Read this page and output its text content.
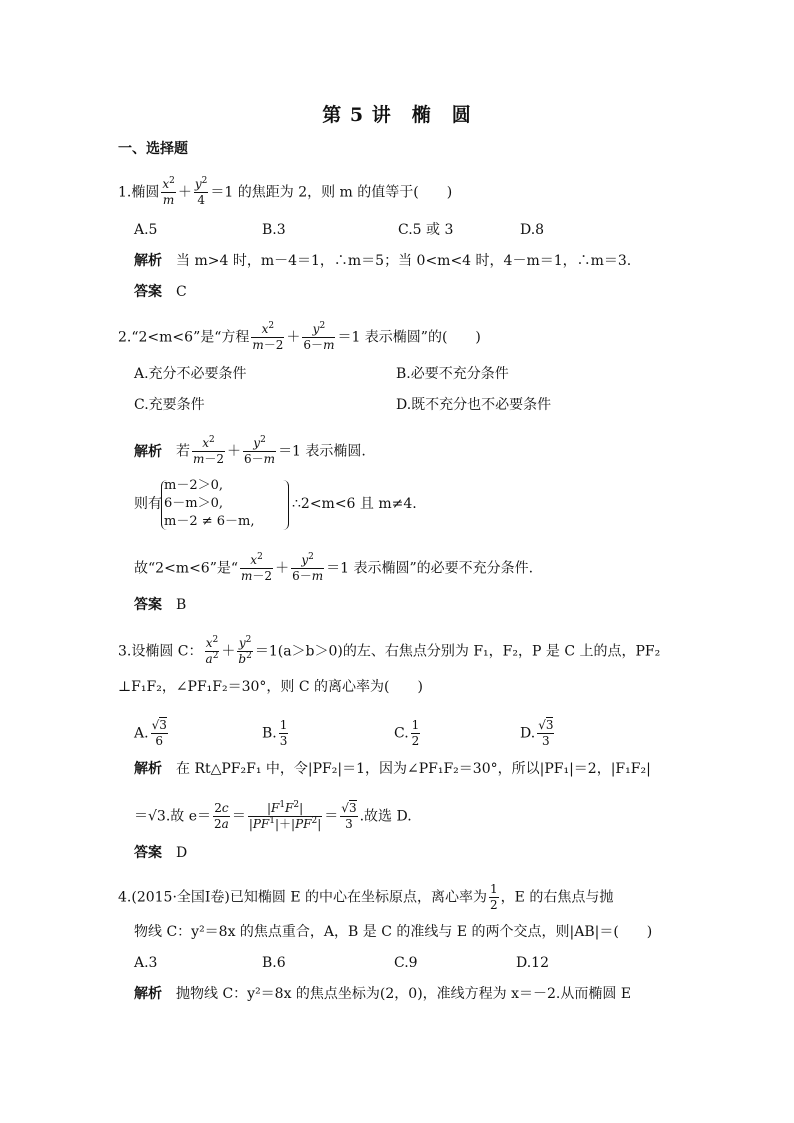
第 5 讲　椭　圆
一、选择题
1.椭圆 $\frac{x^2}{m} + \frac{y^2}{4} =1$ 的焦距为 2，则 m 的值等于(　　)
A.5	B.3	C.5 或 3	D.8
解析 当 m>4 时，m－4＝1，∴m＝5；当 0<m<4 时，4－m＝1，∴m＝3.
答案 C
2.“2<m<6”是“方程 $\frac{x^2}{m-2} + \frac{y^2}{6-m} =1$ 表示椭圆”的(　　)
A.充分不必要条件	B.必要不充分条件
C.充要条件	D.既不充分也不必要条件
解析 若 $\frac{x^2}{m-2} + \frac{y^2}{6-m} =1$ 表示椭圆.
则有
m－2＞0,
6－m＞0,
m－2 ≠ 6－m,
∴2<m<6 且 m≠4.
故“2<m<6”是“ $\frac{x^2}{m-2} + \frac{y^2}{6-m} =1$ 表示椭圆”的必要不充分条件.
答案 B
3.设椭圆 C： $\frac{x^2}{a^2} + \frac{y^2}{b^2} =1(a>b>0)$的左、右焦点分别为 F₁，F₂，P 是 C 上的点，PF₂
⊥F₁F₂，∠PF₁F₂＝30°，则 C 的离心率为(　　)
A. $\frac{√3}{6}$	B. $\frac{1}{3}$	C. $\frac{1}{2}$	D. $\frac{√3}{3}$
解析 在 Rt△PF₂F₁ 中，令|PF₂|＝1，因为∠PF₁F₂＝30°，所以|PF₁|＝2，|F₁F₂|
＝√3.故 $e= \frac{2c}{2a} = \frac{|F^1F^2|}{|PF^1|+|PF^2|} = \frac{√3}{3}$ .故选 D.
答案 D
4.(2015·全国Ⅰ卷)已知椭圆 E 的中心在坐标原点，离心率为 $\frac{1}{2}$ ，E 的右焦点与抛
物线 C：y²＝8x 的焦点重合，A，B 是 C 的准线与 E 的两个交点，则|AB|＝(　　)
A.3	B.6	C.9	D.12
解析 抛物线 C：y²＝8x 的焦点坐标为(2，0)，准线方程为 x＝－2.从而椭圆 E
